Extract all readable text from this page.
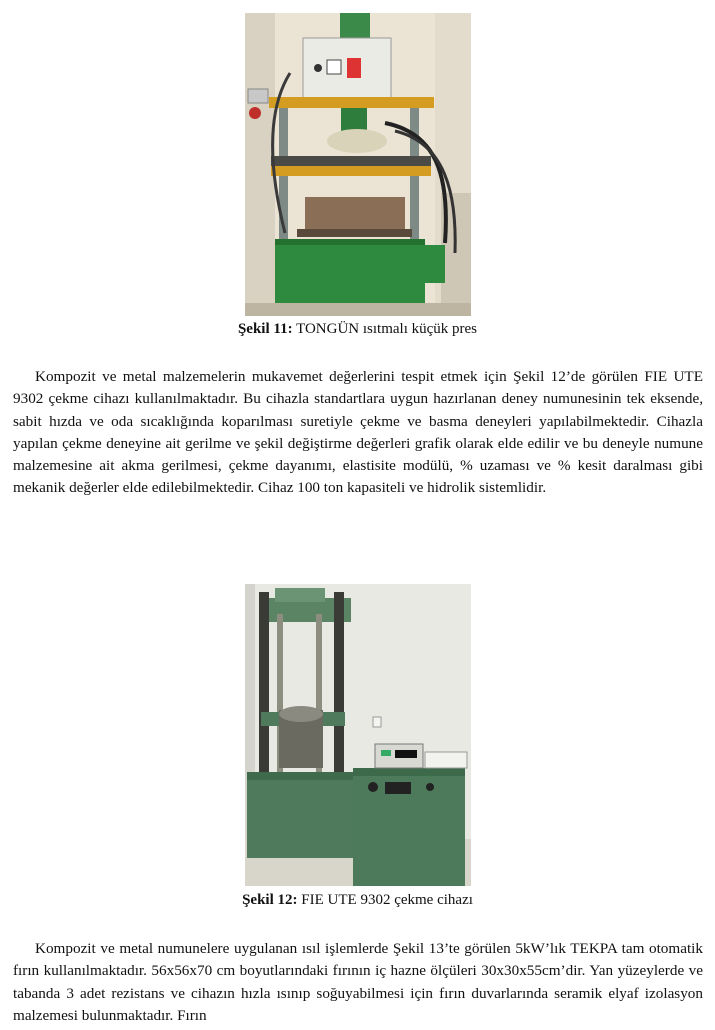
Şekil 11: TONGÜN ısıtmalı küçük pres

Kompozit ve metal malzemelerin mukavemet değerlerini tespit etmek için Şekil 12’de görülen FIE UTE 9302 çekme cihazı kullanılmaktadır. Bu cihazla standartlara uygun hazırlanan deney numunesinin tek eksende, sabit hızda ve oda sıcaklığında koparılması suretiyle çekme ve basma deneyleri yapılabilmektedir. Cihazla yapılan çekme deneyine ait gerilme ve şekil değiştirme değerleri grafik olarak elde edilir ve bu deneyle numune malzemesine ait akma gerilmesi, çekme dayanımı, elastisite modülü, % uzaması ve % kesit daralması gibi mekanik değerler elde edilebilmektedir. Cihaz 100 ton kapasiteli ve hidrolik sistemlidir.

Şekil 12: FIE UTE 9302 çekme cihazı

Kompozit ve metal numunelere uygulanan ısıl işlemlerde Şekil 13’te görülen 5kW’lık TEKPA tam otomatik fırın kullanılmaktadır. 56x56x70 cm boyutlarındaki fırının iç hazne ölçüleri 30x30x55cm’dir. Yan yüzeylerde ve tabanda 3 adet rezistans ve cihazın hızla ısınıp soğuyabilmesi için fırın duvarlarında seramik elyaf izolasyon malzemesi bulunmaktadır. Fırın
